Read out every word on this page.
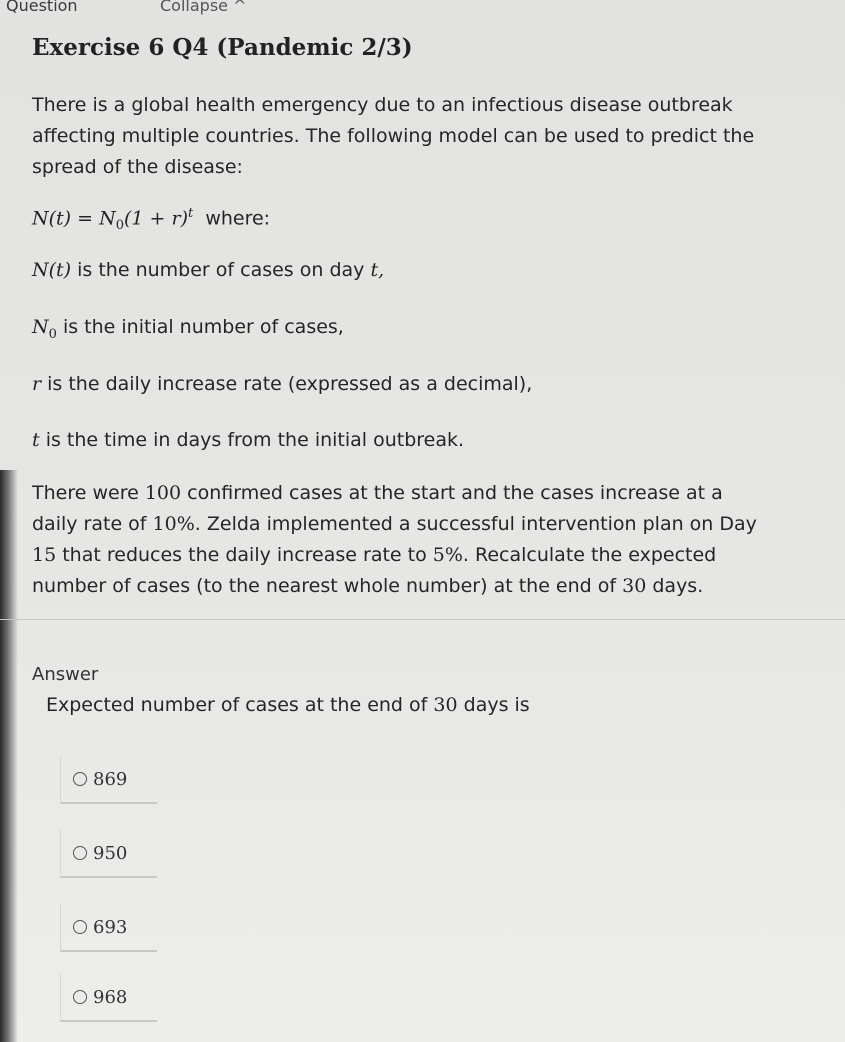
Question	Collapse ^
Exercise 6 Q4 (Pandemic 2/3)
There is a global health emergency due to an infectious disease outbreak
affecting multiple countries. The following model can be used to predict the
spread of the disease:
$N(t) = N_0(1 + r)^t$ where:
N(t) is the number of cases on day t,
$N_0$ is the initial number of cases,
r is the daily increase rate (expressed as a decimal),
t is the time in days from the initial outbreak.
There were 100 confirmed cases at the start and the cases increase at a
daily rate of 10%. Zelda implemented a successful intervention plan on Day
15 that reduces the daily increase rate to 5%. Recalculate the expected
number of cases (to the nearest whole number) at the end of 30 days.
Answer
Expected number of cases at the end of 30 days is
869
950
693
968
